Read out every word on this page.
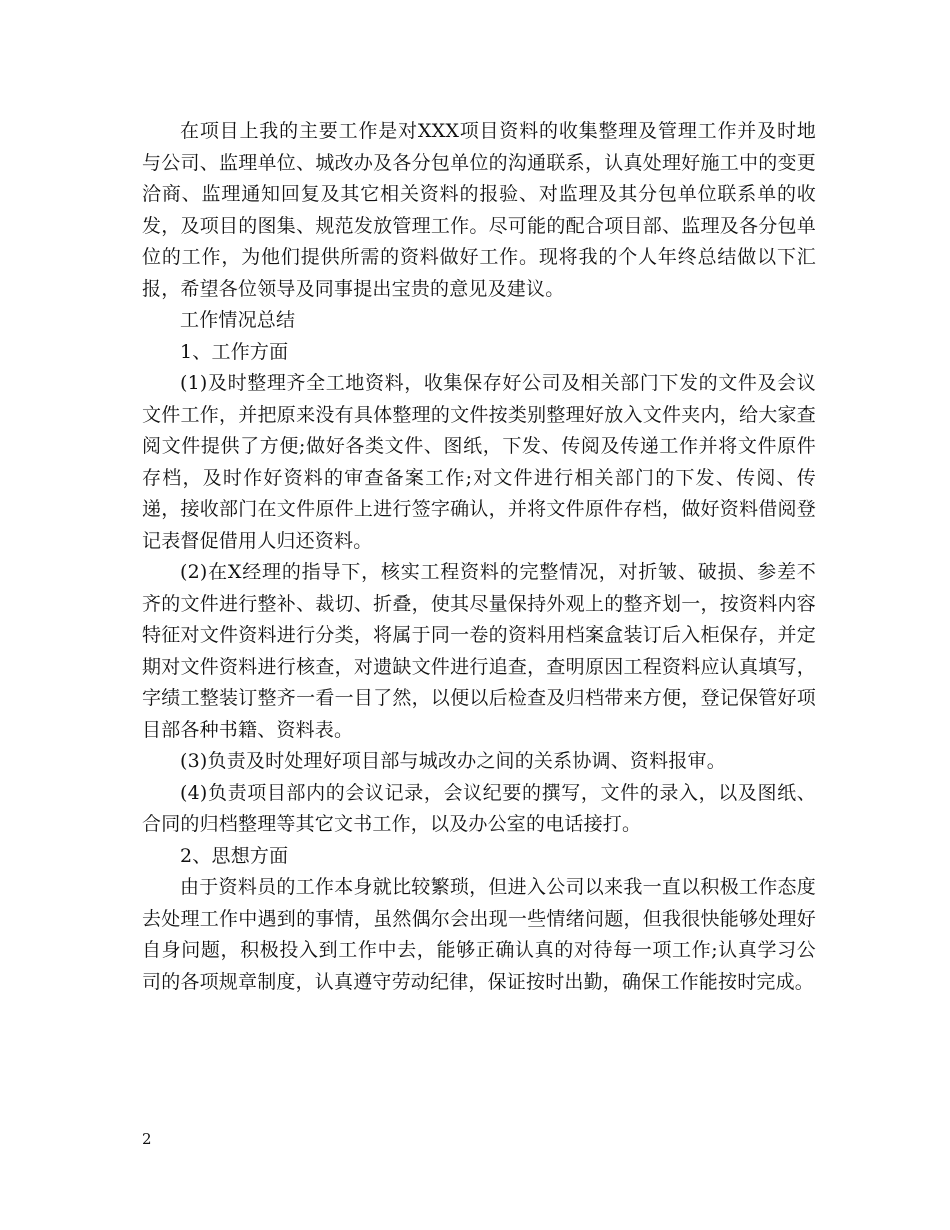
在项目上我的主要工作是对XXX项目资料的收集整理及管理工作并及时地与公司、监理单位、城改办及各分包单位的沟通联系，认真处理好施工中的变更洽商、监理通知回复及其它相关资料的报验、对监理及其分包单位联系单的收发，及项目的图集、规范发放管理工作。尽可能的配合项目部、监理及各分包单位的工作，为他们提供所需的资料做好工作。现将我的个人年终总结做以下汇报，希望各位领导及同事提出宝贵的意见及建议。

工作情况总结

1、工作方面

(1)及时整理齐全工地资料，收集保存好公司及相关部门下发的文件及会议文件工作，并把原来没有具体整理的文件按类别整理好放入文件夹内，给大家查阅文件提供了方便;做好各类文件、图纸，下发、传阅及传递工作并将文件原件存档，及时作好资料的审查备案工作;对文件进行相关部门的下发、传阅、传递，接收部门在文件原件上进行签字确认，并将文件原件存档，做好资料借阅登记表督促借用人归还资料。

(2)在X经理的指导下，核实工程资料的完整情况，对折皱、破损、参差不齐的文件进行整补、裁切、折叠，使其尽量保持外观上的整齐划一，按资料内容特征对文件资料进行分类，将属于同一卷的资料用档案盒装订后入柜保存，并定期对文件资料进行核查，对遗缺文件进行追查，查明原因工程资料应认真填写，字绩工整装订整齐一看一目了然，以便以后检查及归档带来方便，登记保管好项目部各种书籍、资料表。

(3)负责及时处理好项目部与城改办之间的关系协调、资料报审。

(4)负责项目部内的会议记录，会议纪要的撰写，文件的录入，以及图纸、合同的归档整理等其它文书工作，以及办公室的电话接打。

2、思想方面

由于资料员的工作本身就比较繁琐，但进入公司以来我一直以积极工作态度去处理工作中遇到的事情，虽然偶尔会出现一些情绪问题，但我很快能够处理好自身问题，积极投入到工作中去，能够正确认真的对待每一项工作;认真学习公司的各项规章制度，认真遵守劳动纪律，保证按时出勤，确保工作能按时完成。

2
